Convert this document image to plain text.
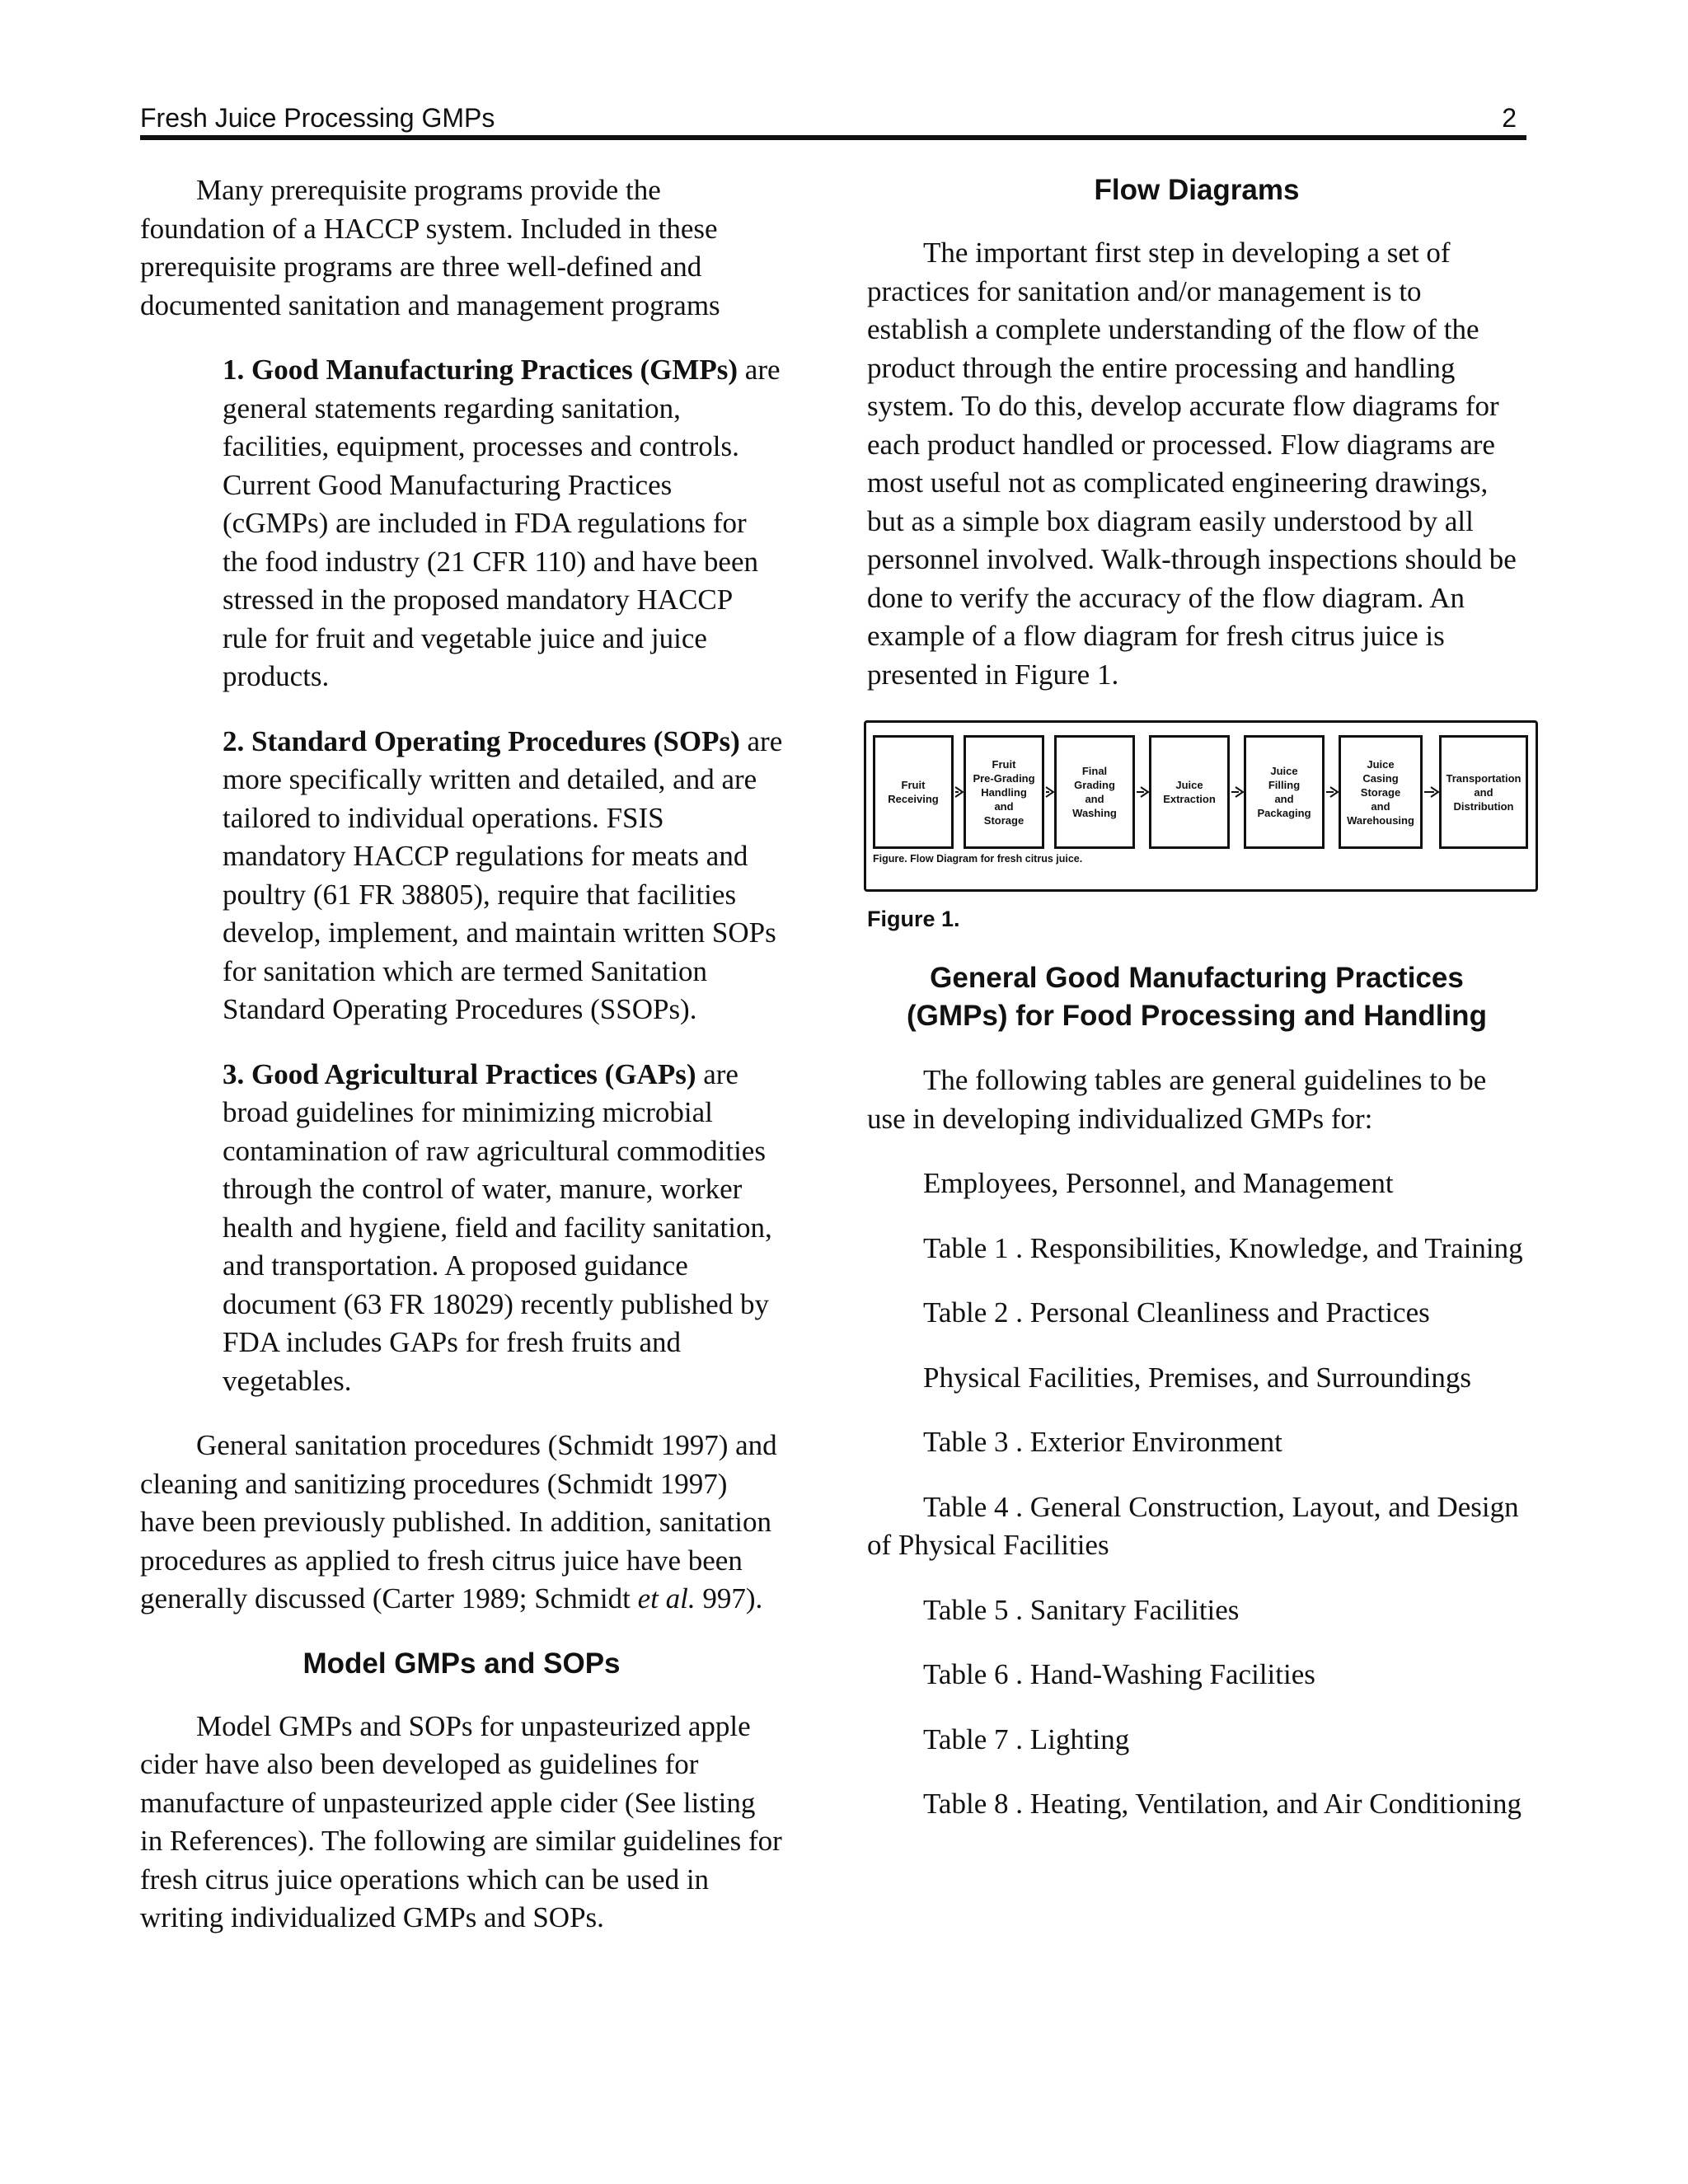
Fresh Juice Processing GMPs	2

Many prerequisite programs provide the foundation of a HACCP system. Included in these prerequisite programs are three well-defined and documented sanitation and management programs

1. Good Manufacturing Practices (GMPs) are general statements regarding sanitation, facilities, equipment, processes and controls. Current Good Manufacturing Practices (cGMPs) are included in FDA regulations for the food industry (21 CFR 110) and have been stressed in the proposed mandatory HACCP rule for fruit and vegetable juice and juice products.

2. Standard Operating Procedures (SOPs) are more specifically written and detailed, and are tailored to individual operations. FSIS mandatory HACCP regulations for meats and poultry (61 FR 38805), require that facilities develop, implement, and maintain written SOPs for sanitation which are termed Sanitation Standard Operating Procedures (SSOPs).

3. Good Agricultural Practices (GAPs) are broad guidelines for minimizing microbial contamination of raw agricultural commodities through the control of water, manure, worker health and hygiene, field and facility sanitation, and transportation. A proposed guidance document (63 FR 18029) recently published by FDA includes GAPs for fresh fruits and vegetables.

General sanitation procedures (Schmidt 1997) and cleaning and sanitizing procedures (Schmidt 1997) have been previously published. In addition, sanitation procedures as applied to fresh citrus juice have been generally discussed (Carter 1989; Schmidt et al. 997).

Model GMPs and SOPs

Model GMPs and SOPs for unpasteurized apple cider have also been developed as guidelines for manufacture of unpasteurized apple cider (See listing in References). The following are similar guidelines for fresh citrus juice operations which can be used in writing individualized GMPs and SOPs.

Flow Diagrams

The important first step in developing a set of practices for sanitation and/or management is to establish a complete understanding of the flow of the product through the entire processing and handling system. To do this, develop accurate flow diagrams for each product handled or processed. Flow diagrams are most useful not as complicated engineering drawings, but as a simple box diagram easily understood by all personnel involved. Walk-through inspections should be done to verify the accuracy of the flow diagram. An example of a flow diagram for fresh citrus juice is presented in Figure 1.

Figure. Flow Diagram for fresh citrus juice.
Fruit
Receiving
Fruit
Pre-Grading
Handling
and
Storage
Final
Grading
and
Washing
Juice
Extraction
Juice
Filling
and
Packaging
Juice
Casing
Storage
and
Warehousing
Transportation
and
Distribution

Figure 1.

General Good Manufacturing Practices
(GMPs) for Food Processing and Handling

The following tables are general guidelines to be use in developing individualized GMPs for:

Employees, Personnel, and Management

Table 1 . Responsibilities, Knowledge, and Training

Table 2 . Personal Cleanliness and Practices

Physical Facilities, Premises, and Surroundings

Table 3 . Exterior Environment

Table 4 . General Construction, Layout, and Design of Physical Facilities

Table 5 . Sanitary Facilities

Table 6 . Hand-Washing Facilities

Table 7 . Lighting

Table 8 . Heating, Ventilation, and Air Conditioning
